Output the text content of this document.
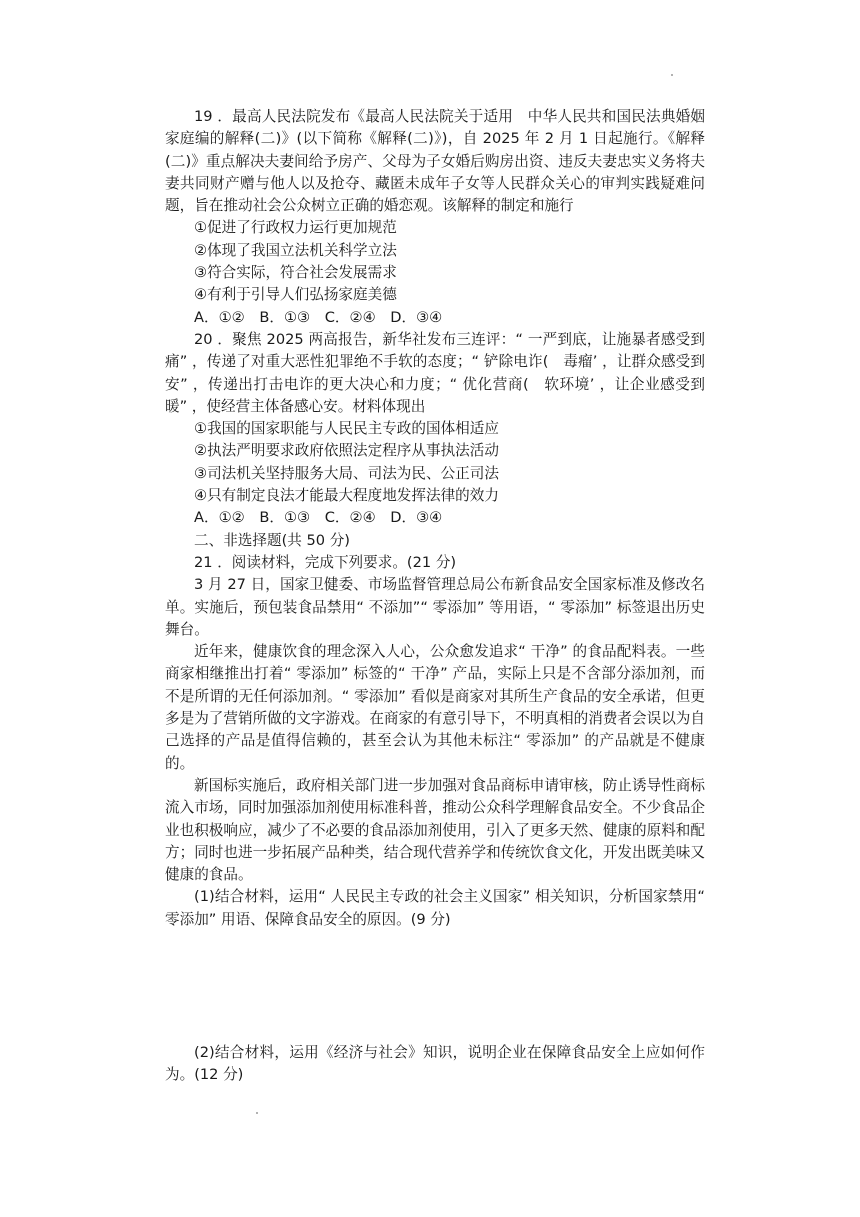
19 ．最高人民法院发布《最高人民法院关于适用　中华人民共和国民法典婚姻家庭编的解释(二)》(以下简称《解释(二)》)，自 2025 年 2 月 1 日起施行。《解释(二)》重点解决夫妻间给予房产、父母为子女婚后购房出资、违反夫妻忠实义务将夫妻共同财产赠与他人以及抢夺、藏匿未成年子女等人民群众关心的审判实践疑难问题，旨在推动社会公众树立正确的婚恋观。该解释的制定和施行

①促进了行政权力运行更加规范

②体现了我国立法机关科学立法

③符合实际，符合社会发展需求

④有利于引导人们弘扬家庭美德

A．①②　B．①③　C．②④　D．③④

20 ．聚焦 2025 两高报告，新华社发布三连评：“ 一严到底，让施暴者感受到痛” ，传递了对重大恶性犯罪绝不手软的态度；“ 铲除电诈(　毒瘤’ ，让群众感受到安” ，传递出打击电诈的更大决心和力度；“ 优化营商(　软环境’ ，让企业感受到暖” ，使经营主体备感心安。材料体现出

①我国的国家职能与人民民主专政的国体相适应

②执法严明要求政府依照法定程序从事执法活动

③司法机关坚持服务大局、司法为民、公正司法

④只有制定良法才能最大程度地发挥法律的效力

A．①②　B．①③　C．②④　D．③④

二、非选择题(共 50 分)

21 ．阅读材料，完成下列要求。(21 分)

3 月 27 日，国家卫健委、市场监督管理总局公布新食品安全国家标准及修改名单。实施后，预包装食品禁用“ 不添加”“ 零添加” 等用语，“ 零添加” 标签退出历史舞台。

近年来，健康饮食的理念深入人心，公众愈发追求“ 干净” 的食品配料表。一些商家相继推出打着“ 零添加” 标签的“ 干净” 产品，实际上只是不含部分添加剂，而不是所谓的无任何添加剂。“ 零添加” 看似是商家对其所生产食品的安全承诺，但更多是为了营销所做的文字游戏。在商家的有意引导下，不明真相的消费者会误以为自己选择的产品是值得信赖的，甚至会认为其他未标注“ 零添加” 的产品就是不健康的。

新国标实施后，政府相关部门进一步加强对食品商标申请审核，防止诱导性商标流入市场，同时加强添加剂使用标准科普，推动公众科学理解食品安全。不少食品企业也积极响应，减少了不必要的食品添加剂使用，引入了更多天然、健康的原料和配方；同时也进一步拓展产品种类，结合现代营养学和传统饮食文化，开发出既美味又健康的食品。

(1)结合材料，运用“ 人民民主专政的社会主义国家” 相关知识，分析国家禁用“ 零添加” 用语、保障食品安全的原因。(9 分)

(2)结合材料，运用《经济与社会》知识，说明企业在保障食品安全上应如何作为。(12 分)
